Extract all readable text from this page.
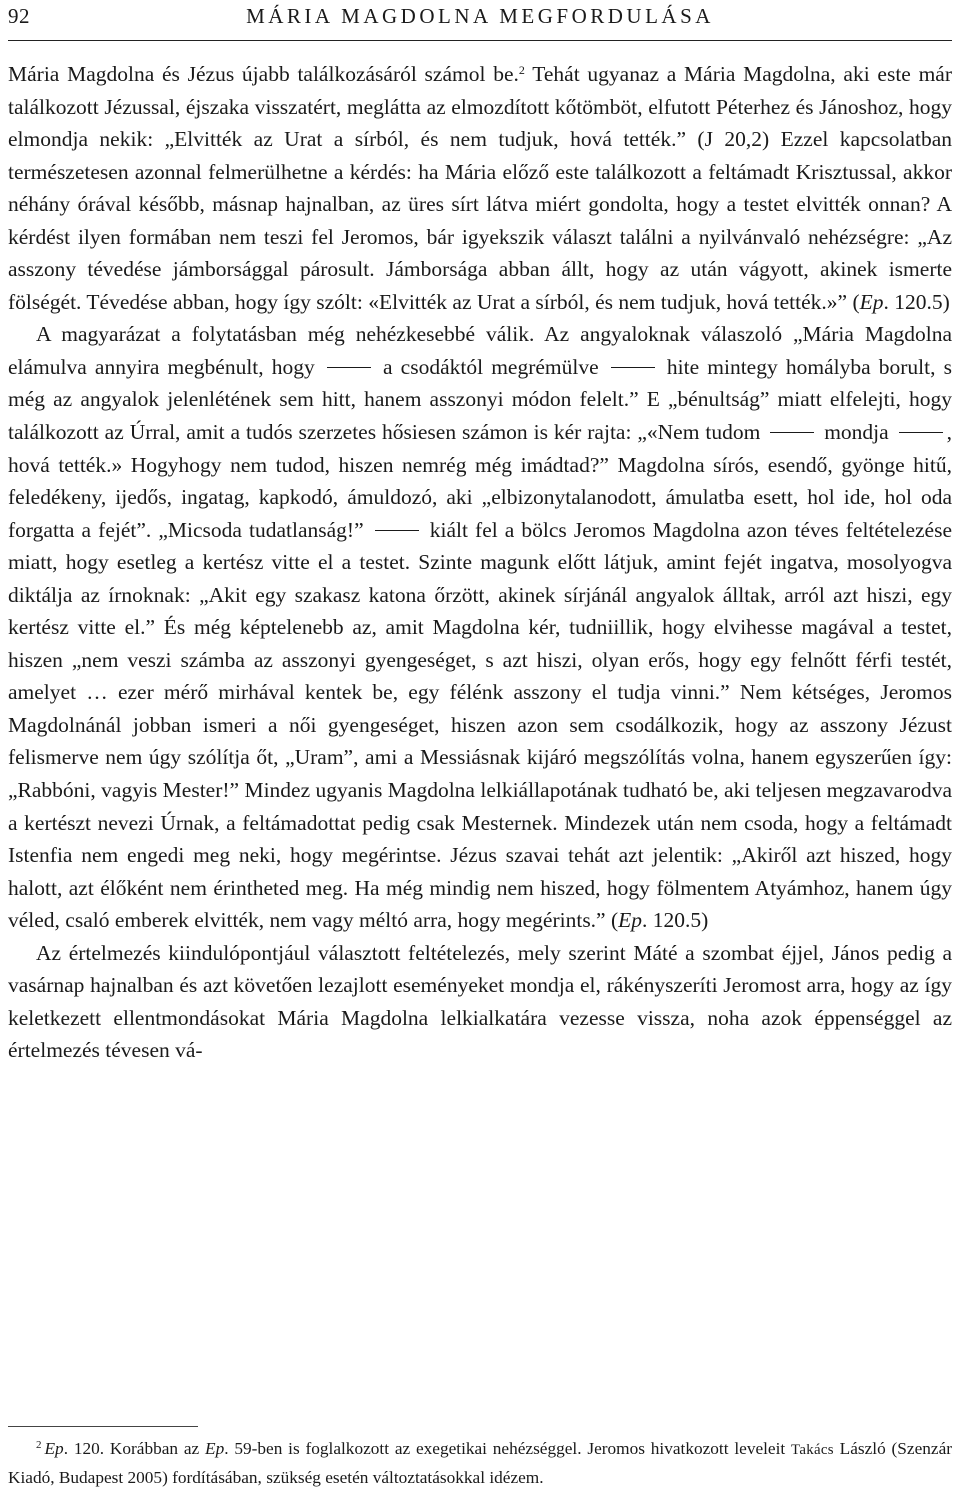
92	MÁRIA MAGDOLNA MEGFORDULÁSA

Mária Magdolna és Jézus újabb találkozásáról számol be.$^2$ Tehát ugyanaz a Mária Magdolna, aki este már találkozott Jézussal, éjszaka visszatért, meglátta az elmozdított kőtömböt, elfutott Péterhez és Jánoshoz, hogy elmondja nekik: „Elvitték az Urat a sírból, és nem tudjuk, hová tették.” (J 20,2) Ezzel kapcsolatban természetesen azonnal felmerülhetne a kérdés: ha Mária előző este találkozott a feltámadt Krisztussal, akkor néhány órával később, másnap hajnalban, az üres sírt látva miért gondolta, hogy a testet elvitték onnan? A kérdést ilyen formában nem teszi fel Jeromos, bár igyekszik választ találni a nyilvánvaló nehézségre: „Az asszony tévedése jámborsággal párosult. Jámborsága abban állt, hogy az után vágyott, akinek ismerte fölségét. Tévedése abban, hogy így szólt: «Elvitték az Urat a sírból, és nem tudjuk, hová tették.»” (Ep. 120.5)

A magyarázat a folytatásban még nehézkesebbé válik. Az angyaloknak válaszoló „Mária Magdolna elámulva annyira megbénult, hogy  a csodáktól megrémülve  hite mintegy homályba borult, s még az angyalok jelenlétének sem hitt, hanem asszonyi módon felelt.” E „bénultság” miatt elfelejti, hogy találkozott az Úrral, amit a tudós szerzetes hősiesen számon is kér rajta: „«Nem tudom  mondja , hová tették.» Hogyhogy nem tudod, hiszen nemrég még imádtad?” Magdolna sírós, esendő, gyönge hitű, feledékeny, ijedős, ingatag, kapkodó, ámuldozó, aki „elbizonytalanodott, ámulatba esett, hol ide, hol oda forgatta a fejét”. „Micsoda tudatlanság!”  kiált fel a bölcs Jeromos Magdolna azon téves feltételezése miatt, hogy esetleg a kertész vitte el a testet. Szinte magunk előtt látjuk, amint fejét ingatva, mosolyogva diktálja az írnoknak: „Akit egy szakasz katona őrzött, akinek sírjánál angyalok álltak, arról azt hiszi, egy kertész vitte el.” És még képtelenebb az, amit Magdolna kér, tudniillik, hogy elvihesse magával a testet, hiszen „nem veszi számba az asszonyi gyengeséget, s azt hiszi, olyan erős, hogy egy felnőtt férfi testét, amelyet … ezer mérő mirhával kentek be, egy félénk asszony el tudja vinni.” Nem kétséges, Jeromos Magdolnánál jobban ismeri a női gyengeséget, hiszen azon sem csodálkozik, hogy az asszony Jézust felismerve nem úgy szólítja őt, „Uram”, ami a Messiásnak kijáró megszólítás volna, hanem egyszerűen így: „Rabbóni, vagyis Mester!” Mindez ugyanis Magdolna lelkiállapotának tudható be, aki teljesen megzavarodva a kertészt nevezi Úrnak, a feltámadottat pedig csak Mesternek. Mindezek után nem csoda, hogy a feltámadt Istenfia nem engedi meg neki, hogy megérintse. Jézus szavai tehát azt jelentik: „Akiről azt hiszed, hogy halott, azt élőként nem érintheted meg. Ha még mindig nem hiszed, hogy fölmentem Atyámhoz, hanem úgy véled, csaló emberek elvitték, nem vagy méltó arra, hogy megérints.” (Ep. 120.5)

Az értelmezés kiindulópontjául választott feltételezés, mely szerint Máté a szombat éjjel, János pedig a vasárnap hajnalban és azt követően lezajlott eseményeket mondja el, rákényszeríti Jeromost arra, hogy az így keletkezett ellentmondásokat Mária Magdolna lelkialkatára vezesse vissza, noha azok éppenséggel az értelmezés tévesen vá-

$^2$ Ep. 120. Korábban az Ep. 59-ben is foglalkozott az exegetikai nehézséggel. Jeromos hivatkozott leveleit Takács László (Szenzár Kiadó, Budapest 2005) fordításában, szükség esetén változtatásokkal idézem.
